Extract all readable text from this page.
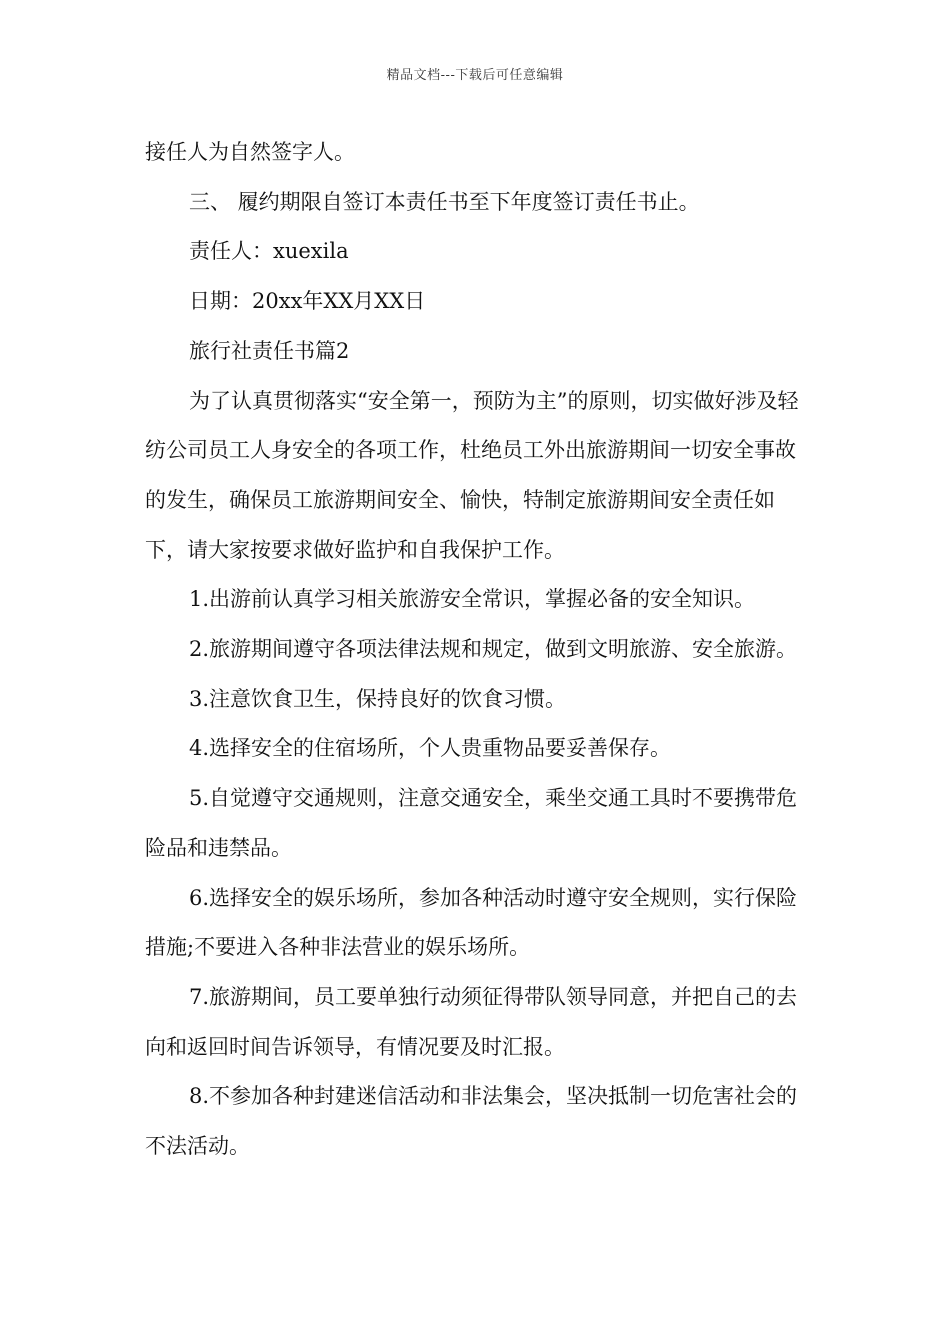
精品文档---下载后可任意编辑

接任人为自然签字人。

三、 履约期限自签订本责任书至下年度签订责任书止。

责任人：xuexila

日期：20xx年XX月XX日

旅行社责任书篇2

为了认真贯彻落实“安全第一，预防为主”的原则，切实做好涉及轻纺公司员工人身安全的各项工作，杜绝员工外出旅游期间一切安全事故的发生，确保员工旅游期间安全、愉快，特制定旅游期间安全责任如下，请大家按要求做好监护和自我保护工作。

1.出游前认真学习相关旅游安全常识，掌握必备的安全知识。

2.旅游期间遵守各项法律法规和规定，做到文明旅游、安全旅游。

3.注意饮食卫生，保持良好的饮食习惯。

4.选择安全的住宿场所，个人贵重物品要妥善保存。

5.自觉遵守交通规则，注意交通安全，乘坐交通工具时不要携带危险品和违禁品。

6.选择安全的娱乐场所，参加各种活动时遵守安全规则，实行保险措施;不要进入各种非法营业的娱乐场所。

7.旅游期间，员工要单独行动须征得带队领导同意，并把自己的去向和返回时间告诉领导，有情况要及时汇报。

8.不参加各种封建迷信活动和非法集会，坚决抵制一切危害社会的不法活动。
